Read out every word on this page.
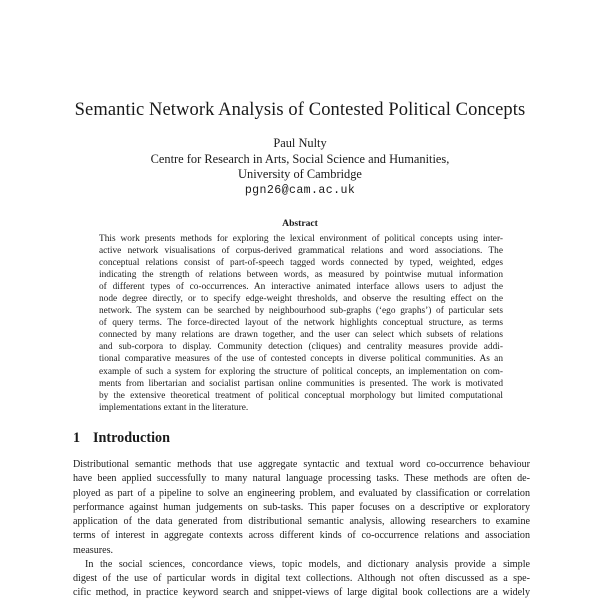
Semantic Network Analysis of Contested Political Concepts
Paul Nulty
Centre for Research in Arts, Social Science and Humanities,
University of Cambridge
pgn26@cam.ac.uk
Abstract
This work presents methods for exploring the lexical environment of political concepts using inter-
active network visualisations of corpus-derived grammatical relations and word associations. The
conceptual relations consist of part-of-speech tagged words connected by typed, weighted, edges
indicating the strength of relations between words, as measured by pointwise mutual information
of different types of co-occurrences. An interactive animated interface allows users to adjust the
node degree directly, or to specify edge-weight thresholds, and observe the resulting effect on the
network. The system can be searched by neighbourhood sub-graphs (‘ego graphs’) of particular sets
of query terms. The force-directed layout of the network highlights conceptual structure, as terms
connected by many relations are drawn together, and the user can select which subsets of relations
and sub-corpora to display. Community detection (cliques) and centrality measures provide addi-
tional comparative measures of the use of contested concepts in diverse political communities. As an
example of such a system for exploring the structure of political concepts, an implementation on com-
ments from libertarian and socialist partisan online communities is presented. The work is motivated
by the extensive theoretical treatment of political conceptual morphology but limited computational
implementations extant in the literature.
1 Introduction
Distributional semantic methods that use aggregate syntactic and textual word co-occurrence behaviour
have been applied successfully to many natural language processing tasks. These methods are often de-
ployed as part of a pipeline to solve an engineering problem, and evaluated by classification or correlation
performance against human judgements on sub-tasks. This paper focuses on a descriptive or exploratory
application of the data generated from distributional semantic analysis, allowing researchers to examine
terms of interest in aggregate contexts across different kinds of co-occurrence relations and association
measures.
In the social sciences, concordance views, topic models, and dictionary analysis provide a simple
digest of the use of particular words in digital text collections. Although not often discussed as a spe-
cific method, in practice keyword search and snippet-views of large digital book collections are a widely
